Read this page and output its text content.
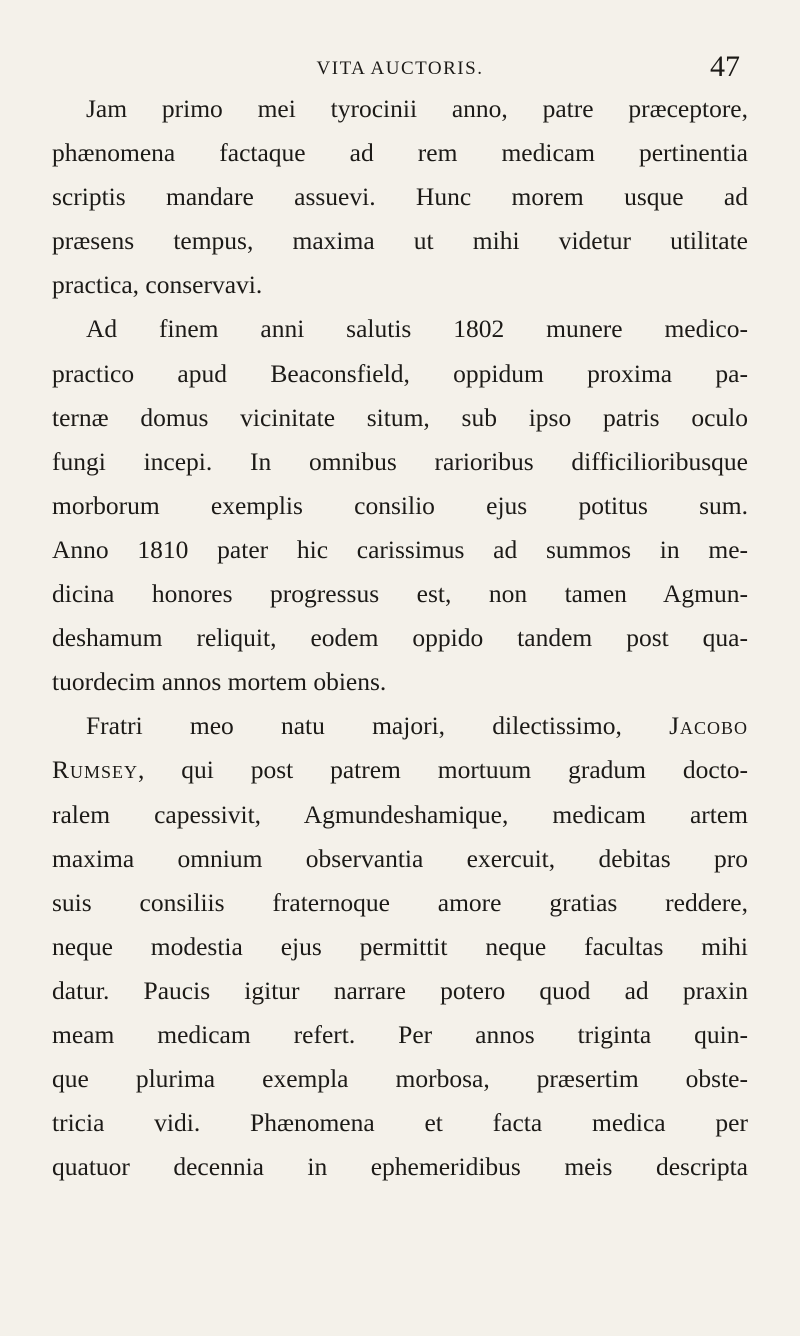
VITA AUCTORIS.	47
Jam primo mei tyrocinii anno, patre præceptore,
phænomena factaque ad rem medicam pertinentia
scriptis mandare assuevi. Hunc morem usque ad
præsens tempus, maxima ut mihi videtur utilitate
practica, conservavi.
Ad finem anni salutis 1802 munere medico-
practico apud Beaconsfield, oppidum proxima pa-
ternæ domus vicinitate situm, sub ipso patris oculo
fungi incepi. In omnibus rarioribus difficilioribusque
morborum exemplis consilio ejus potitus sum.
Anno 1810 pater hic carissimus ad summos in me-
dicina honores progressus est, non tamen Agmun-
deshamum reliquit, eodem oppido tandem post qua-
tuordecim annos mortem obiens.
Fratri meo natu majori, dilectissimo, Jacobo
Rumsey, qui post patrem mortuum gradum docto-
ralem capessivit, Agmundeshamique, medicam artem
maxima omnium observantia exercuit, debitas pro
suis consiliis fraternoque amore gratias reddere,
neque modestia ejus permittit neque facultas mihi
datur. Paucis igitur narrare potero quod ad praxin
meam medicam refert. Per annos triginta quin-
que plurima exempla morbosa, præsertim obste-
tricia vidi. Phænomena et facta medica per
quatuor decennia in ephemeridibus meis descripta
